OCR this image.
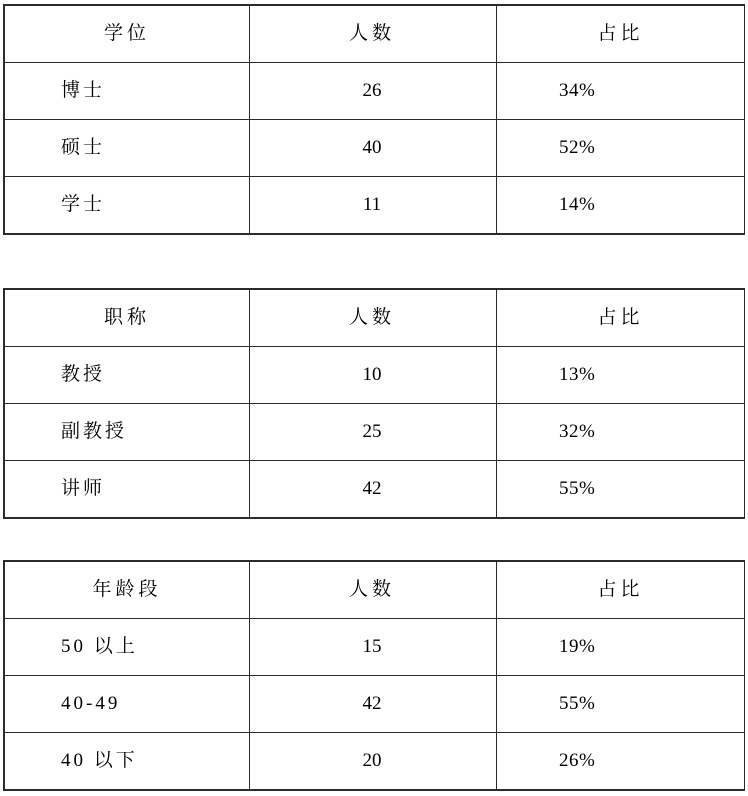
学位	人数	占比
博士	26	34%
硕士	40	52%
学士	11	14%
职称	人数	占比
教授	10	13%
副教授	25	32%
讲师	42	55%
年龄段	人数	占比
50 以上	15	19%
40-49	42	55%
40 以下	20	26%
